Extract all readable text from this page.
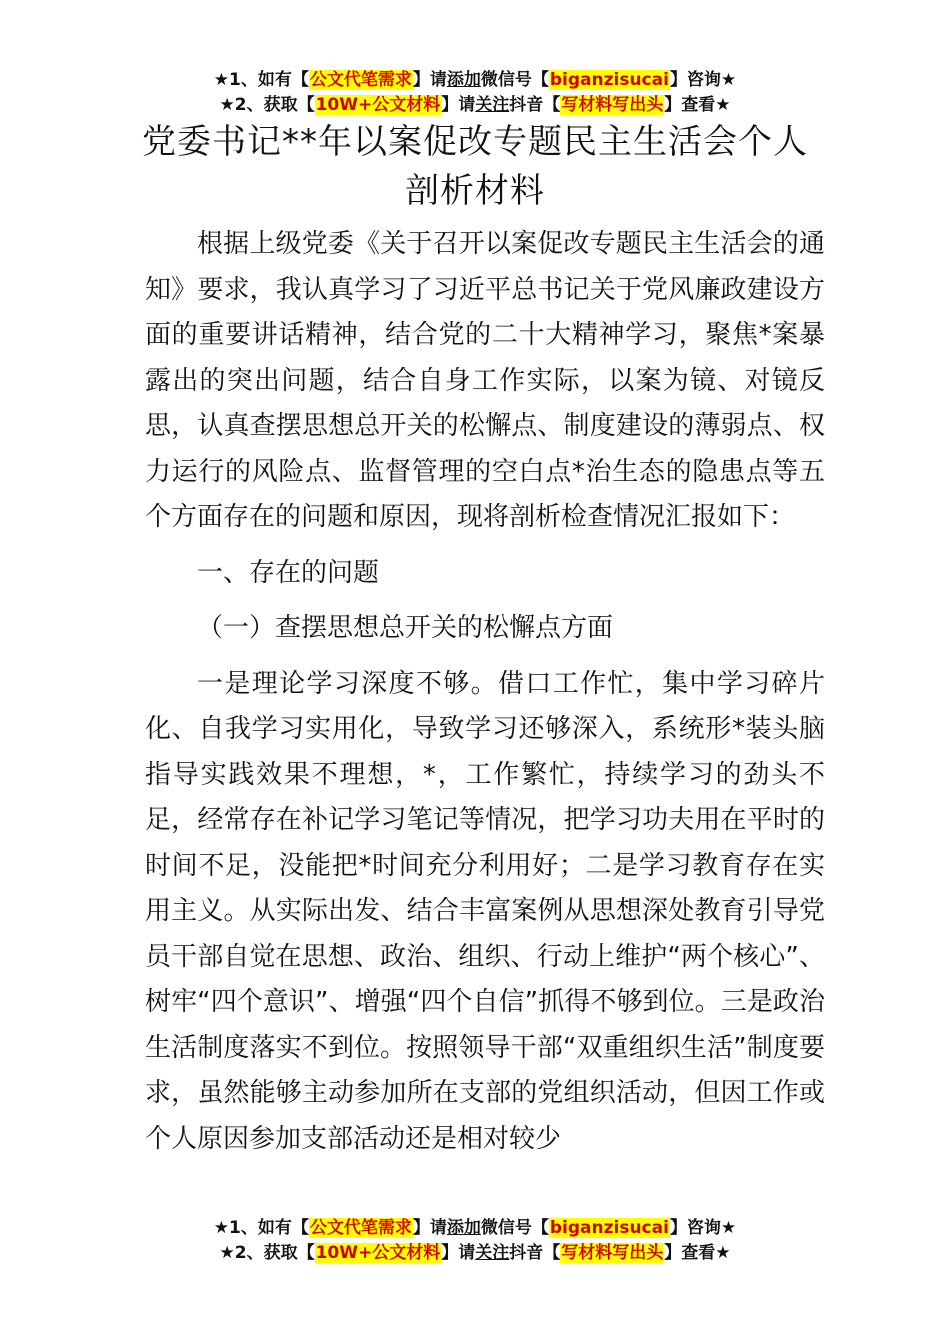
★1、如有【公文代笔需求】请添加微信号【biganzisucai】咨询★
★2、获取【10W+公文材料】请关注抖音【写材料写出头】查看★
党委书记**年以案促改专题民主生活会个人
剖析材料

根据上级党委《关于召开以案促改专题民主生活会的通知》要求，我认真学习了习近平总书记关于党风廉政建设方面的重要讲话精神，结合党的二十大精神学习，聚焦*案暴露出的突出问题，结合自身工作实际，以案为镜、对镜反思，认真查摆思想总开关的松懈点、制度建设的薄弱点、权力运行的风险点、监督管理的空白点*治生态的隐患点等五个方面存在的问题和原因，现将剖析检查情况汇报如下：

一、存在的问题

（一）查摆思想总开关的松懈点方面

一是理论学习深度不够。借口工作忙，集中学习碎片化、自我学习实用化，导致学习还够深入，系统形*装头脑指导实践效果不理想，*，工作繁忙，持续学习的劲头不足，经常存在补记学习笔记等情况，把学习功夫用在平时的时间不足，没能把*时间充分利用好；二是学习教育存在实用主义。从实际出发、结合丰富案例从思想深处教育引导党员干部自觉在思想、政治、组织、行动上维护“两个核心”、树牢“四个意识”、增强“四个自信”抓得不够到位。三是政治生活制度落实不到位。按照领导干部“双重组织生活”制度要求，虽然能够主动参加所在支部的党组织活动，但因工作或个人原因参加支部活动还是相对较少

★1、如有【公文代笔需求】请添加微信号【biganzisucai】咨询★
★2、获取【10W+公文材料】请关注抖音【写材料写出头】查看★
